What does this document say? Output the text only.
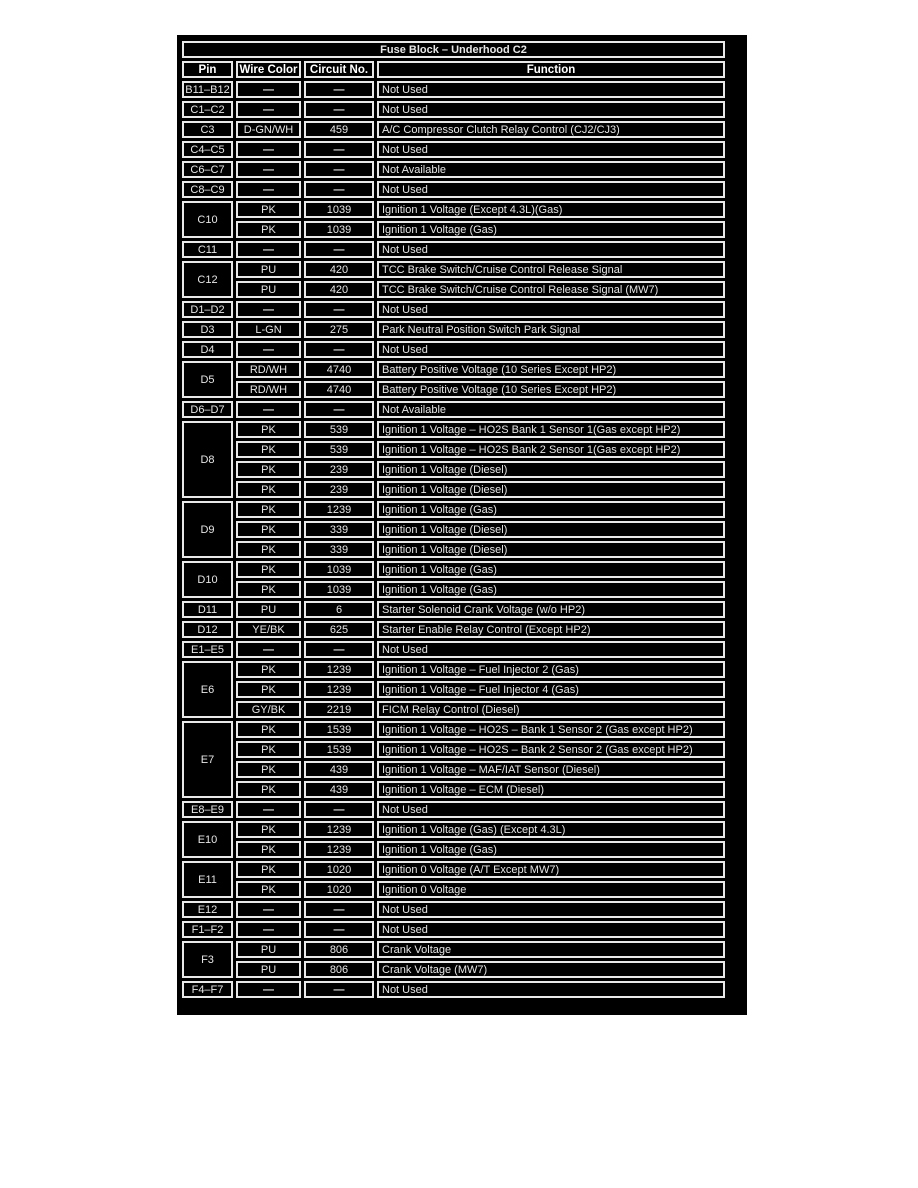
Fuse Block – Underhood C2			
Pin	Wire Color	Circuit No.	Function
B11–B12	—	—	Not Used
C1–C2	—	—	Not Used
C3	D-GN/WH	459	A/C Compressor Clutch Relay Control (CJ2/CJ3)
C4–C5	—	—	Not Used
C6–C7	—	—	Not Available
C8–C9	—	—	Not Used
C10	PK	1039	Ignition 1 Voltage (Except 4.3L)(Gas)
	PK	1039	Ignition 1 Voltage (Gas)
C11	—	—	Not Used
C12	PU	420	TCC Brake Switch/Cruise Control Release Signal
	PU	420	TCC Brake Switch/Cruise Control Release Signal (MW7)
D1–D2	—	—	Not Used
D3	L-GN	275	Park Neutral Position Switch Park Signal
D4	—	—	Not Used
D5	RD/WH	4740	Battery Positive Voltage (10 Series Except HP2)
	RD/WH	4740	Battery Positive Voltage (10 Series Except HP2)
D6–D7	—	—	Not Available
D8	PK	539	Ignition 1 Voltage – HO2S Bank 1 Sensor 1(Gas except HP2)
	PK	539	Ignition 1 Voltage – HO2S Bank 2 Sensor 1(Gas except HP2)
	PK	239	Ignition 1 Voltage (Diesel)
	PK	239	Ignition 1 Voltage (Diesel)
D9	PK	1239	Ignition 1 Voltage (Gas)
	PK	339	Ignition 1 Voltage (Diesel)
	PK	339	Ignition 1 Voltage (Diesel)
D10	PK	1039	Ignition 1 Voltage (Gas)
	PK	1039	Ignition 1 Voltage (Gas)
D11	PU	6	Starter Solenoid Crank Voltage (w/o HP2)
D12	YE/BK	625	Starter Enable Relay Control (Except HP2)
E1–E5	—	—	Not Used
E6	PK	1239	Ignition 1 Voltage – Fuel Injector 2 (Gas)
	PK	1239	Ignition 1 Voltage – Fuel Injector 4 (Gas)
	GY/BK	2219	FICM Relay Control (Diesel)
E7	PK	1539	Ignition 1 Voltage – HO2S – Bank 1 Sensor 2 (Gas except HP2)
	PK	1539	Ignition 1 Voltage – HO2S – Bank 2 Sensor 2 (Gas except HP2)
	PK	439	Ignition 1 Voltage – MAF/IAT Sensor (Diesel)
	PK	439	Ignition 1 Voltage – ECM (Diesel)
E8–E9	—	—	Not Used
E10	PK	1239	Ignition 1 Voltage (Gas) (Except 4.3L)
	PK	1239	Ignition 1 Voltage (Gas)
E11	PK	1020	Ignition 0 Voltage (A/T Except MW7)
	PK	1020	Ignition 0 Voltage
E12	—	—	Not Used
F1–F2	—	—	Not Used
F3	PU	806	Crank Voltage
	PU	806	Crank Voltage (MW7)
F4–F7	—	—	Not Used
